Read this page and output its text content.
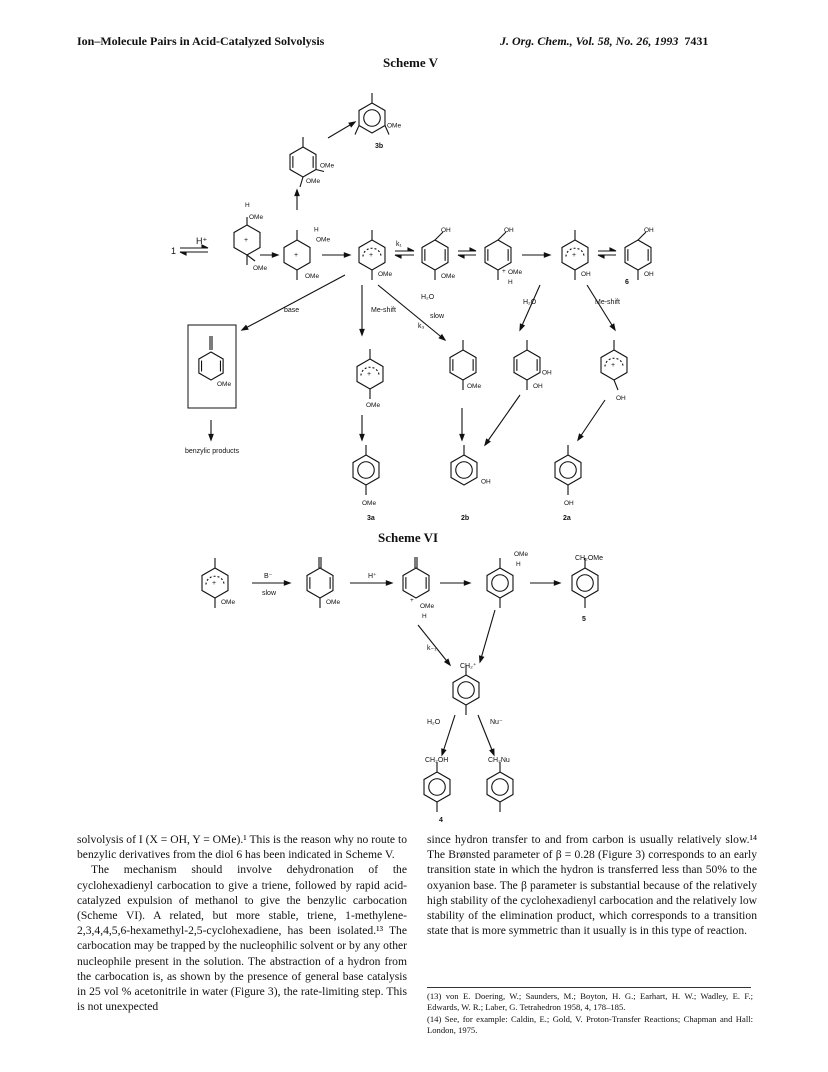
Ion–Molecule Pairs in Acid-Catalyzed Solvolysis	J. Org. Chem., Vol. 58, No. 26, 1993 7431
Scheme V
Scheme VI
OMe
OMe
OMe
+
H
OMe
OMe
+
H
OMe
OMe
+
OMe
OH
OMe
OH
+ OMe
H
+
OH
OH
OH
OMe
+
OMe
OMe
OH
OH
+
OH
OMe
OH
OH
+
OMe	OMe	+
OMe
H
OMe
H
1
H⁺
base	Me-shift
H₂O
slow
k₃
k₁
H₂O	Me-shift
benzylic products
3a	2b	2a
3b
6
B⁻
slow
H⁺
k₋₁
H₂O	Nu⁻
CH₂⁺
CH₂OMe
CH₂OH	CH₂Nu
5
4

solvolysis of I (X = OH, Y = OMe).¹ This is the reason why no route to benzylic derivatives from the diol 6 has been indicated in Scheme V.

The mechanism should involve dehydronation of the cyclohexadienyl carbocation to give a triene, followed by rapid acid-catalyzed expulsion of methanol to give the benzylic carbocation (Scheme VI). A related, but more stable, triene, 1-methylene-2,3,4,4,5,6-hexamethyl-2,5-cyclohexadiene, has been isolated.¹³ The carbocation may be trapped by the nucleophilic solvent or by any other nucleophile present in the solution. The abstraction of a hydron from the carbocation is, as shown by the presence of general base catalysis in 25 vol % acetonitrile in water (Figure 3), the rate-limiting step. This is not unexpected

since hydron transfer to and from carbon is usually relatively slow.¹⁴ The Brønsted parameter of β = 0.28 (Figure 3) corresponds to an early transition state in which the hydron is transferred less than 50% to the oxyanion base. The β parameter is substantial because of the relatively high stability of the cyclohexadienyl carbocation and the relatively low stability of the elimination product, which corresponds to a transition state that is more symmetric than it usually is in this type of reaction.

(13) von E. Doering, W.; Saunders, M.; Boyton, H. G.; Earhart, H. W.; Wadley, E. F.; Edwards, W. R.; Laber, G. Tetrahedron 1958, 4, 178–185.
(14) See, for example: Caldin, E.; Gold, V. Proton-Transfer Reactions; Chapman and Hall: London, 1975.
